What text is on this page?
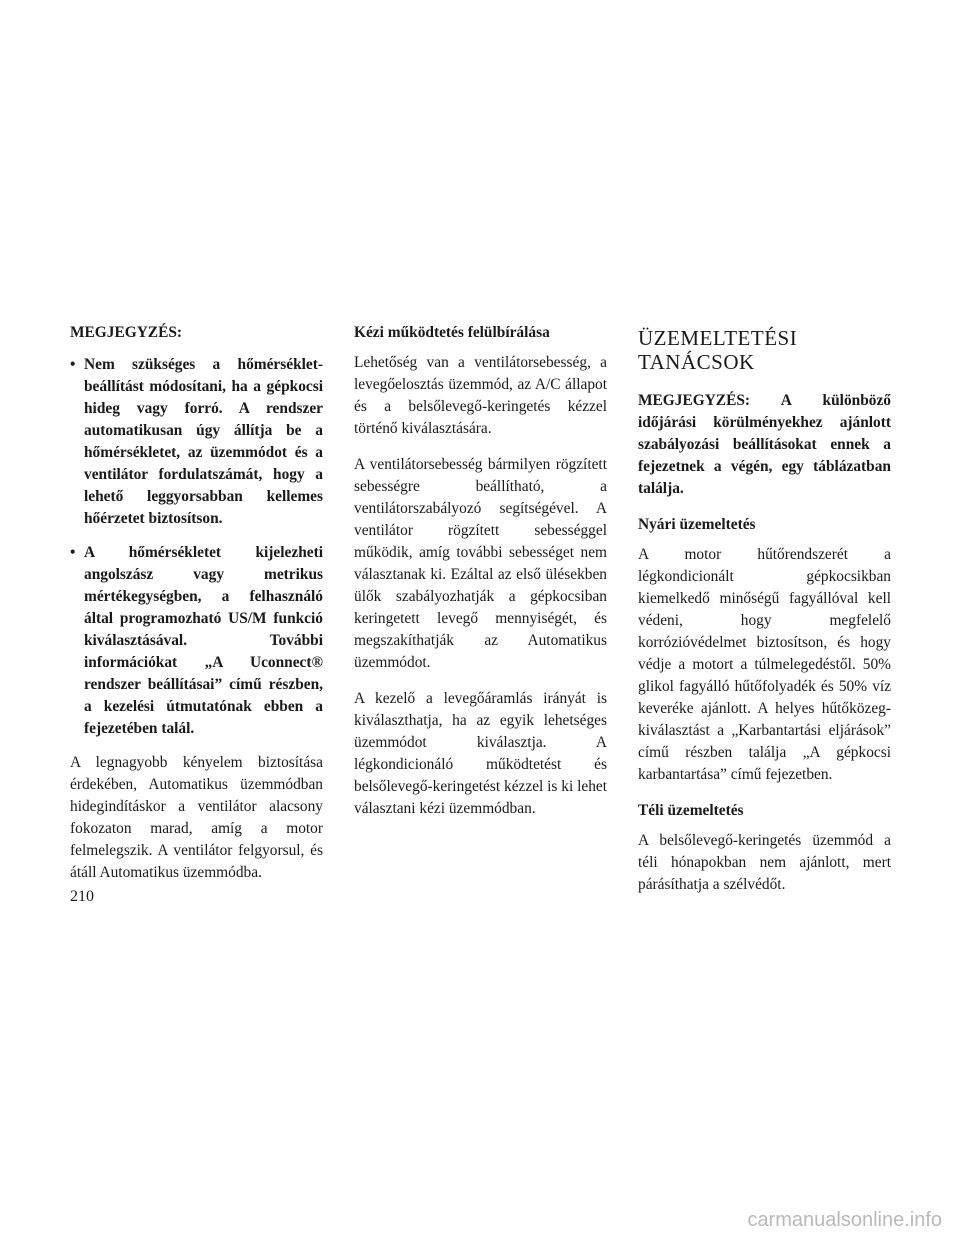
MEGJEGYZÉS:
• Nem szükséges a hőmérséklet-beállítást módosítani, ha a gépkocsi hideg vagy forró. A rendszer automatikusan úgy állítja be a hőmérsékletet, az üzemmódot és a ventilátor fordulatszámát, hogy a lehető leggyorsabban kellemes hőérzetet biztosítson.
• A hőmérsékletet kijelezheti angolszász vagy metrikus mértékegységben, a felhasználó által programozható US/M funkció kiválasztásával. További információkat „A Uconnect® rendszer beállításai” című részben, a kezelési útmutatónak ebben a fejezetében talál.

A legnagyobb kényelem biztosítása érdekében, Automatikus üzemmódban hidegindításkor a ventilátor alacsony fokozaton marad, amíg a motor felmelegszik. A ventilátor felgyorsul, és átáll Automatikus üzemmódba.

Kézi működtetés felülbírálása

Lehetőség van a ventilátorsebesség, a levegőelosztás üzemmód, az A/C állapot és a belsőlevegő-keringetés kézzel történő kiválasztására.

A ventilátorsebesség bármilyen rögzített sebességre beállítható, a ventilátorszabályozó segítségével. A ventilátor rögzített sebességgel működik, amíg további sebességet nem választanak ki. Ezáltal az első ülésekben ülők szabályozhatják a gépkocsiban keringetett levegő mennyiségét, és megszakíthatják az Automatikus üzemmódot.

A kezelő a levegőáramlás irányát is kiválaszthatja, ha az egyik lehetséges üzemmódot kiválasztja. A légkondicionáló működtetést és belsőlevegő-keringetést kézzel is ki lehet választani kézi üzemmódban.

ÜZEMELTETÉSI TANÁCSOK

MEGJEGYZÉS: A különböző időjárási körülményekhez ajánlott szabályozási beállításokat ennek a fejezetnek a végén, egy táblázatban találja.

Nyári üzemeltetés

A motor hűtőrendszerét a légkondicionált gépkocsikban kiemelkedő minőségű fagyállóval kell védeni, hogy megfelelő korrózióvédelmet biztosítson, és hogy védje a motort a túlmelegedéstől. 50% glikol fagyálló hűtőfolyadék és 50% víz keveréke ajánlott. A helyes hűtőközeg-kiválasztást a „Karbantartási eljárások” című részben találja „A gépkocsi karbantartása” című fejezetben.

Téli üzemeltetés

A belsőlevegő-keringetés üzemmód a téli hónapokban nem ajánlott, mert párásíthatja a szélvédőt.

210
carmanualsonline.info
